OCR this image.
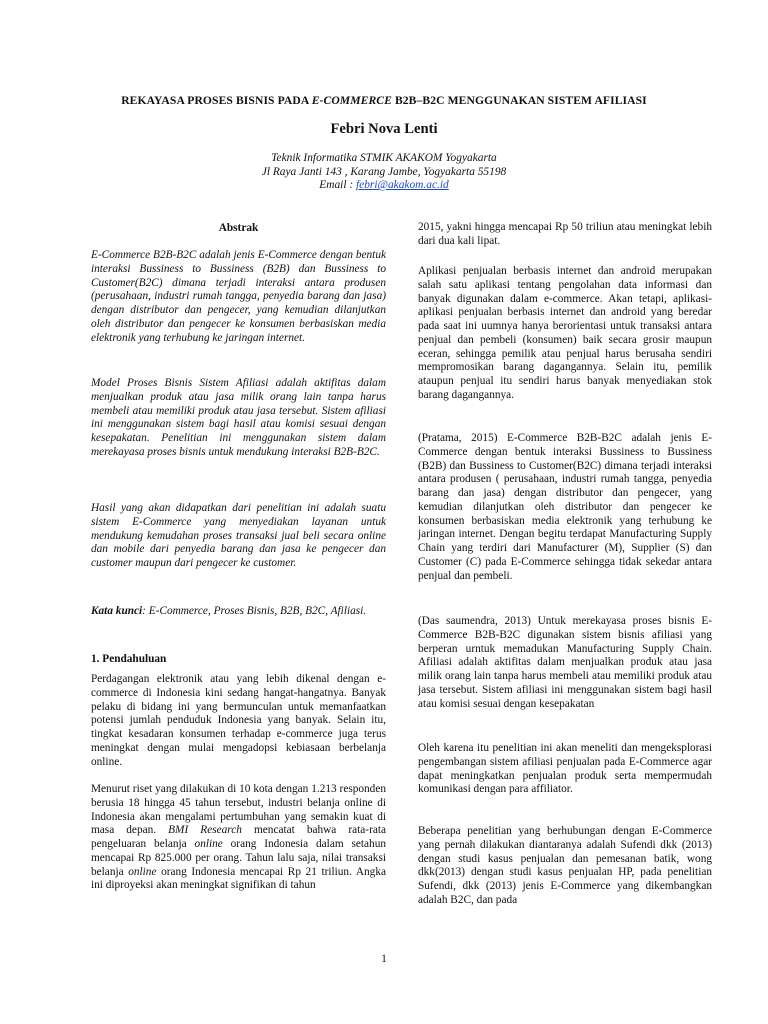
REKAYASA PROSES BISNIS PADA E-COMMERCE B2B–B2C MENGGUNAKAN SISTEM AFILIASI
Febri Nova Lenti
Teknik Informatika STMIK AKAKOM Yogyakarta
Jl Raya Janti 143 , Karang Jambe, Yogyakarta 55198
Email : febri@akakom.ac.id

Abstrak

E-Commerce B2B-B2C adalah jenis E-Commerce dengan bentuk interaksi Bussiness to Bussiness (B2B) dan Bussiness to Customer(B2C) dimana terjadi interaksi antara produsen (perusahaan, industri rumah tangga, penyedia barang dan jasa) dengan distributor dan pengecer, yang kemudian dilanjutkan oleh distributor dan pengecer ke konsumen berbasiskan media elektronik yang terhubung ke jaringan internet.

Model Proses Bisnis Sistem Afiliasi adalah aktifitas dalam menjualkan produk atau jasa milik orang lain tanpa harus membeli atau memiliki produk atau jasa tersebut. Sistem afiliasi ini menggunakan sistem bagi hasil atau komisi sesuai dengan kesepakatan. Penelitian ini menggunakan sistem dalam merekayasa proses bisnis untuk mendukung interaksi B2B-B2C.

Hasil yang akan didapatkan dari penelitian ini adalah suatu sistem E-Commerce yang menyediakan layanan untuk mendukung kemudahan proses transaksi jual beli secara online dan mobile dari penyedia barang dan jasa ke pengecer dan customer maupun dari pengecer ke customer.

Kata kunci: E-Commerce, Proses Bisnis, B2B, B2C, Afiliasi.

1. Pendahuluan

Perdagangan elektronik atau yang lebih dikenal dengan e-commerce di Indonesia kini sedang hangat-hangatnya. Banyak pelaku di bidang ini yang bermunculan untuk memanfaatkan potensi jumlah penduduk Indonesia yang banyak. Selain itu, tingkat kesadaran konsumen terhadap e-commerce juga terus meningkat dengan mulai mengadopsi kebiasaan berbelanja online.

Menurut riset yang dilakukan di 10 kota dengan 1.213 responden berusia 18 hingga 45 tahun tersebut, industri belanja online di Indonesia akan mengalami pertumbuhan yang semakin kuat di masa depan. BMI Research mencatat bahwa rata-rata pengeluaran belanja online orang Indonesia dalam setahun mencapai Rp 825.000 per orang. Tahun lalu saja, nilai transaksi belanja online orang Indonesia mencapai Rp 21 triliun. Angka ini diproyeksi akan meningkat signifikan di tahun

2015, yakni hingga mencapai Rp 50 triliun atau meningkat lebih dari dua kali lipat.

Aplikasi penjualan berbasis internet dan android merupakan salah satu aplikasi tentang pengolahan data informasi dan banyak digunakan dalam e-commerce. Akan tetapi, aplikasi-aplikasi penjualan berbasis internet dan android yang beredar pada saat ini uumnya hanya berorientasi untuk transaksi antara penjual dan pembeli (konsumen) baik secara grosir maupun eceran, sehingga pemilik atau penjual harus berusaha sendiri mempromosikan barang dagangannya. Selain itu, pemilik ataupun penjual itu sendiri harus banyak menyediakan stok barang dagangannya.

(Pratama, 2015) E-Commerce B2B-B2C adalah jenis E-Commerce dengan bentuk interaksi Bussiness to Bussiness (B2B) dan Bussiness to Customer(B2C) dimana terjadi interaksi antara produsen ( perusahaan, industri rumah tangga, penyedia barang dan jasa) dengan distributor dan pengecer, yang kemudian dilanjutkan oleh distributor dan pengecer ke konsumen berbasiskan media elektronik yang terhubung ke jaringan internet. Dengan begitu terdapat Manufacturing Supply Chain yang terdiri dari Manufacturer (M), Supplier (S) dan Customer (C) pada E-Commerce sehingga tidak sekedar antara penjual dan pembeli.

(Das saumendra, 2013) Untuk merekayasa proses bisnis E-Commerce B2B-B2C digunakan sistem bisnis afiliasi yang berperan urntuk memadukan Manufacturing Supply Chain. Afiliasi adalah aktifitas dalam menjualkan produk atau jasa milik orang lain tanpa harus membeli atau memiliki produk atau jasa tersebut. Sistem afiliasi ini menggunakan sistem bagi hasil atau komisi sesuai dengan kesepakatan

Oleh karena itu penelitian ini akan meneliti dan mengeksplorasi pengembangan sistem afiliasi penjualan pada E-Commerce agar dapat meningkatkan penjualan produk serta mempermudah komunikasi dengan para affiliator.

Beberapa penelitian yang berhubungan dengan E-Commerce yang pernah dilakukan diantaranya adalah Sufendi dkk (2013) dengan studi kasus penjualan dan pemesanan batik, wong dkk(2013) dengan studi kasus penjualan HP, pada penelitian Sufendi, dkk (2013) jenis E-Commerce yang dikembangkan adalah B2C, dan pada

1
